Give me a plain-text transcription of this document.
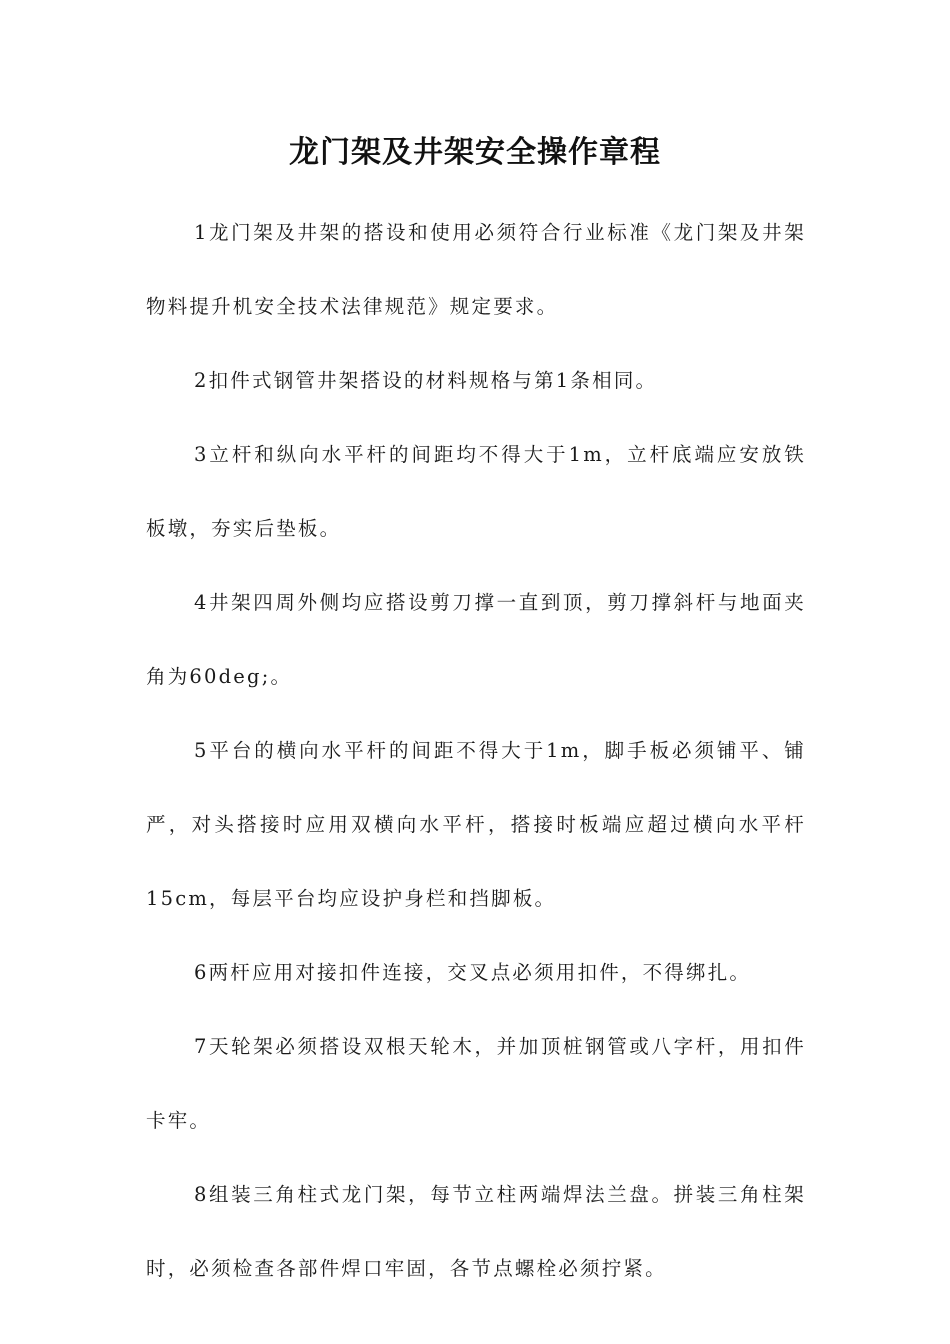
龙门架及井架安全操作章程

1龙门架及井架的搭设和使用必须符合行业标准《龙门架及井架物料提升机安全技术法律规范》规定要求。

2扣件式钢管井架搭设的材料规格与第1条相同。

3立杆和纵向水平杆的间距均不得大于1m，立杆底端应安放铁板墩，夯实后垫板。

4井架四周外侧均应搭设剪刀撑一直到顶，剪刀撑斜杆与地面夹角为60deg;。

5平台的横向水平杆的间距不得大于1m，脚手板必须铺平、铺严，对头搭接时应用双横向水平杆，搭接时板端应超过横向水平杆15cm，每层平台均应设护身栏和挡脚板。

6两杆应用对接扣件连接，交叉点必须用扣件，不得绑扎。

7天轮架必须搭设双根天轮木，并加顶桩钢管或八字杆，用扣件卡牢。

8组装三角柱式龙门架，每节立柱两端焊法兰盘。拼装三角柱架时，必须检查各部件焊口牢固，各节点螺栓必须拧紧。
